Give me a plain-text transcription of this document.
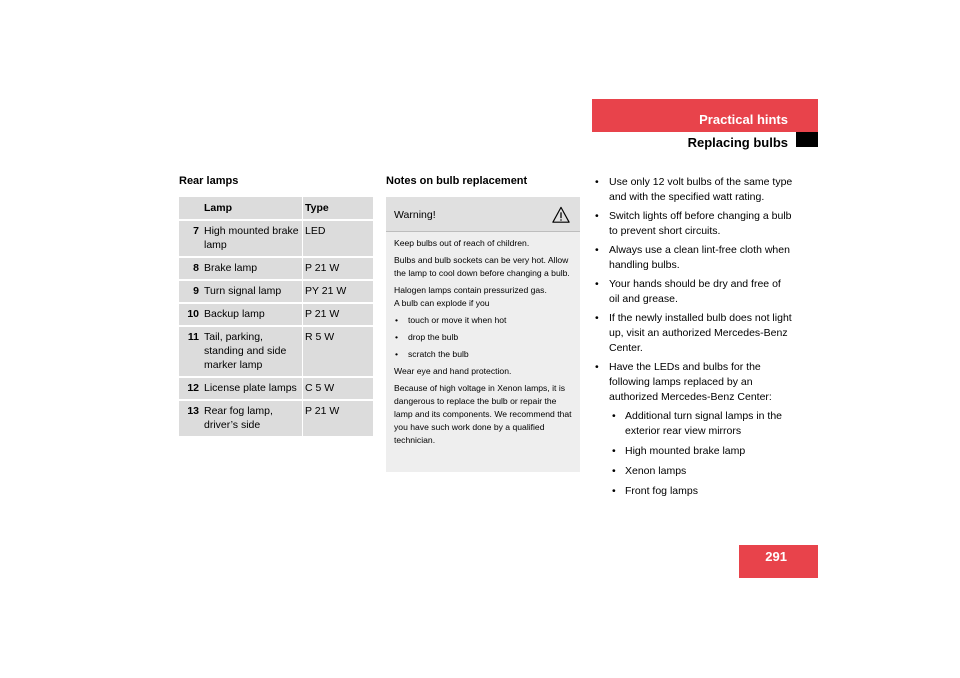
Practical hints
Replacing bulbs
Rear lamps
	Lamp	Type
7	High mounted brake lamp	LED
8	Brake lamp	P 21 W
9	Turn signal lamp	PY 21 W
10	Backup lamp	P 21 W
11	Tail, parking, standing and side marker lamp	R 5 W
12	License plate lamps	C 5 W
13	Rear fog lamp, driver’s side	P 21 W
Notes on bulb replacement
Warning!

Keep bulbs out of reach of children.

Bulbs and bulb sockets can be very hot. Allow the lamp to cool down before changing a bulb.

Halogen lamps contain pressurized gas.

A bulb can explode if you

• touch or move it when hot
• drop the bulb
• scratch the bulb

Wear eye and hand protection.

Because of high voltage in Xenon lamps, it is dangerous to replace the bulb or repair the lamp and its components. We recommend that you have such work done by a qualified technician.

• Use only 12 volt bulbs of the same type and with the specified watt rating.
• Switch lights off before changing a bulb to prevent short circuits.
• Always use a clean lint-free cloth when handling bulbs.
• Your hands should be dry and free of oil and grease.
• If the newly installed bulb does not light up, visit an authorized Mercedes-Benz Center.
• Have the LEDs and bulbs for the following lamps replaced by an authorized Mercedes-Benz Center:
• Additional turn signal lamps in the exterior rear view mirrors
• High mounted brake lamp
• Xenon lamps
• Front fog lamps
291
